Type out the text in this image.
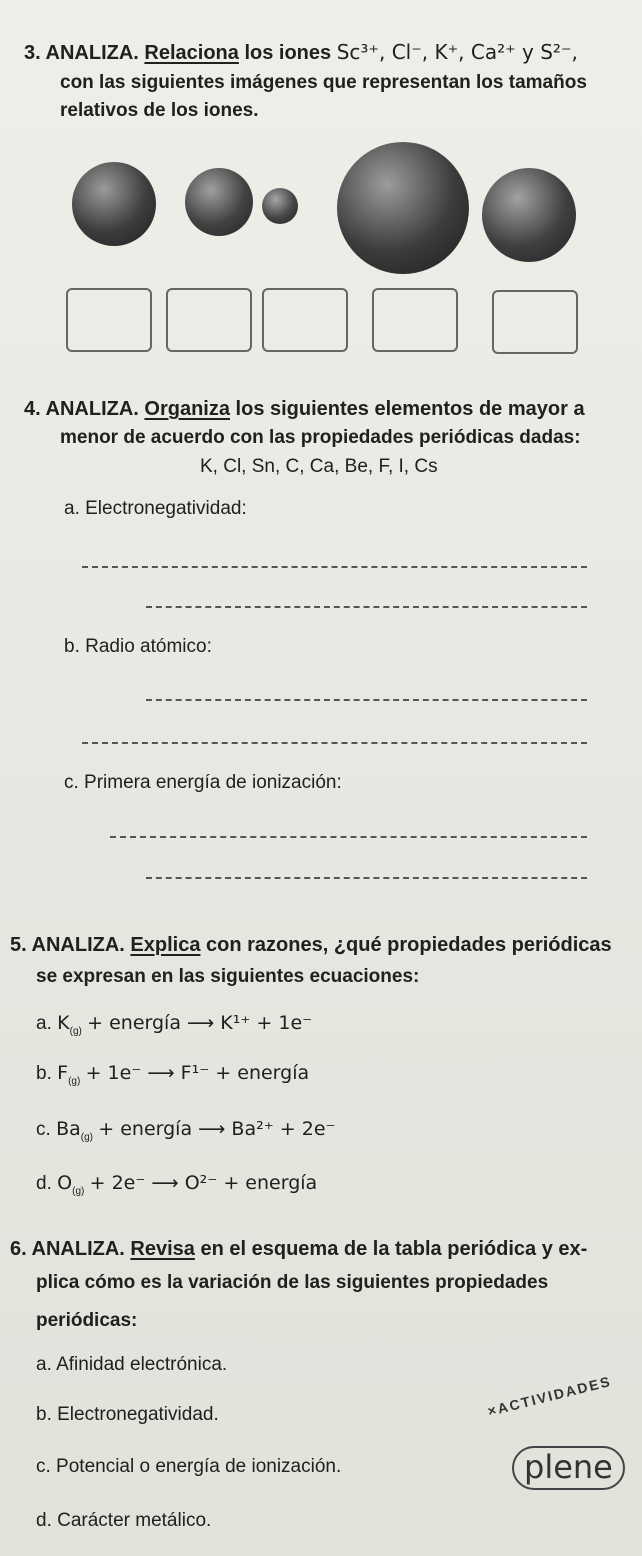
3. ANALIZA. Relaciona los iones Sc³⁺, Cl⁻, K⁺, Ca²⁺ y S²⁻,
con las siguientes imágenes que representan los tamaños
relativos de los iones.
4. ANALIZA. Organiza los siguientes elementos de mayor a
menor de acuerdo con las propiedades periódicas dadas:
K, Cl, Sn, C, Ca, Be, F, I, Cs
a. Electronegatividad:
b. Radio atómico:
c. Primera energía de ionización:
5. ANALIZA. Explica con razones, ¿qué propiedades periódicas
se expresan en las siguientes ecuaciones:
a. $K_{(g)}$ + energía ⟶ K¹⁺ + 1e⁻
b. $F_{(g)} + 1e^-$ ⟶ F¹⁻ + energía
c. $Ba_{(g)}$ + energía ⟶ Ba²⁺ + 2e⁻
d. $O_{(g)} + 2e^-$ ⟶ O²⁻ + energía
6. ANALIZA. Revisa en el esquema de la tabla periódica y ex-
plica cómo es la variación de las siguientes propiedades
periódicas:
a. Afinidad electrónica.
b. Electronegatividad.
c. Potencial o energía de ionización.
d. Carácter metálico.
×ACTIVIDADES
plene
